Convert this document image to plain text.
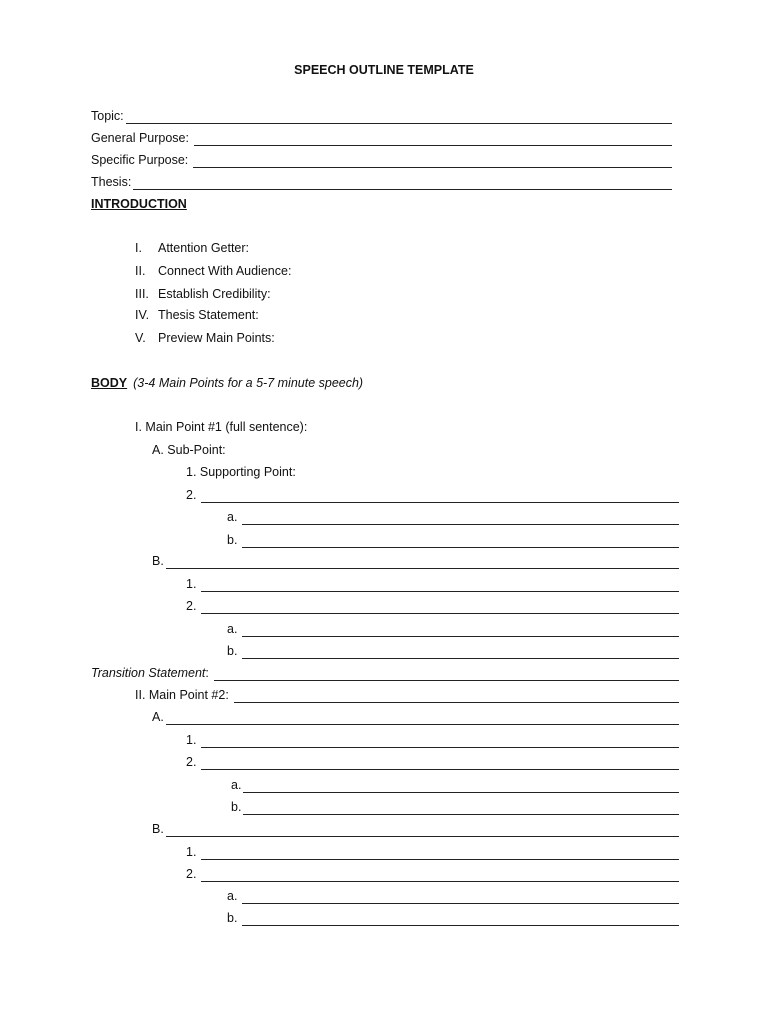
SPEECH OUTLINE TEMPLATE
Topic:
General Purpose:
Specific Purpose:
Thesis:
INTRODUCTION
I.	Attention Getter:
II.	Connect With Audience:
III. Establish Credibility:
IV. Thesis Statement:
V. Preview Main Points:
BODY (3-4 Main Points for a 5-7 minute speech)
I. Main Point #1 (full sentence):
A. Sub-Point:
1. Supporting Point:
2.
a.
b.
B.
1.
2.
a.
b.
Transition Statement :
II. Main Point #2:
A.
1.
2.
a.
b.
B.
1.
2.
a.
b.
